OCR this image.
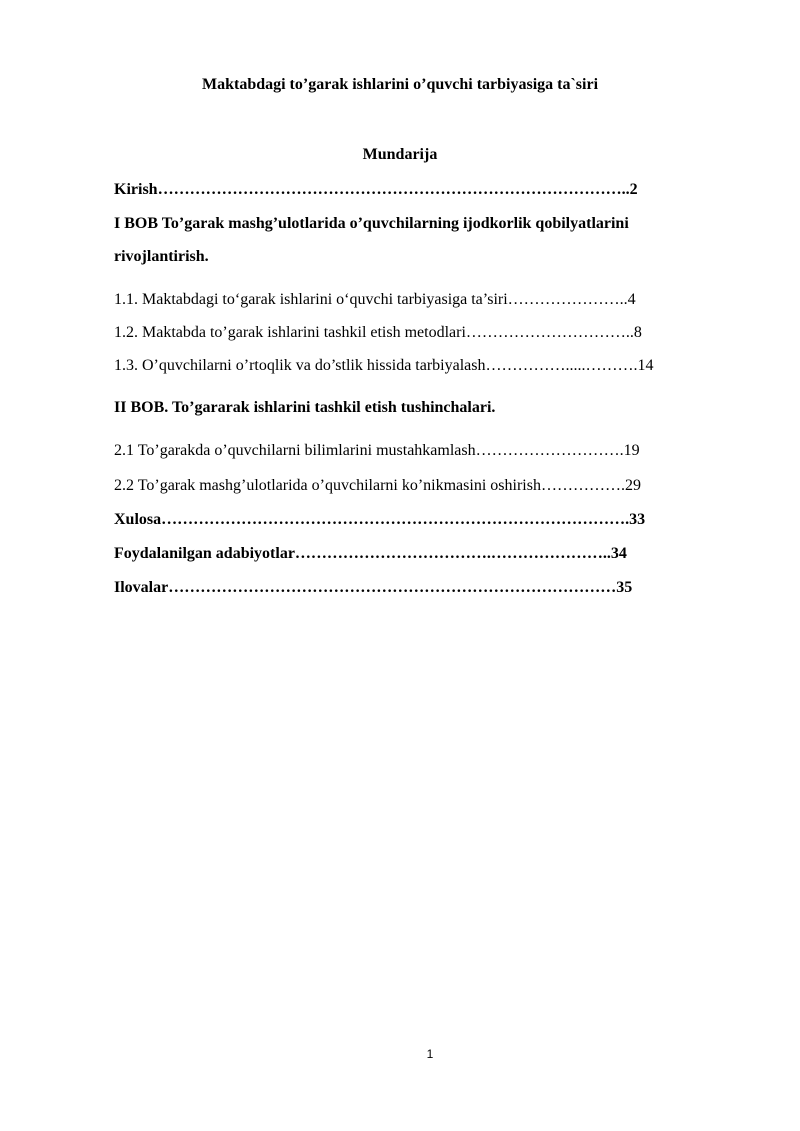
Maktabdagi to’garak ishlarini o’quvchi tarbiyasiga ta`siri
Mundarija
Kirish……………………………………………………………………………..2
I BOB To’garak mashg’ulotlarida o’quvchilarning ijodkorlik qobilyatlarini
rivojlantirish.
1.1. Maktabdagi toʻgarak ishlarini oʻquvchi tarbiyasiga ta’siri…………………..4
1.2. Maktabda to’garak ishlarini tashkil etish metodlari…………………………..8
1.3. O’quvchilarni o’rtoqlik va do’stlik hissida tarbiyalash…………….....……….14
II BOB. To’gararak ishlarini tashkil etish tushinchalari.
2.1 To’garakda o’quvchilarni bilimlarini mustahkamlash……………………….19
2.2 To’garak mashg’ulotlarida o’quvchilarni ko’nikmasini oshirish…………….29
Xulosa…………………………………………………………………………….33
Foydalanilgan adabiyotlar……………………………….…………………..34
Ilovalar…………………………………………………………………………35
1
